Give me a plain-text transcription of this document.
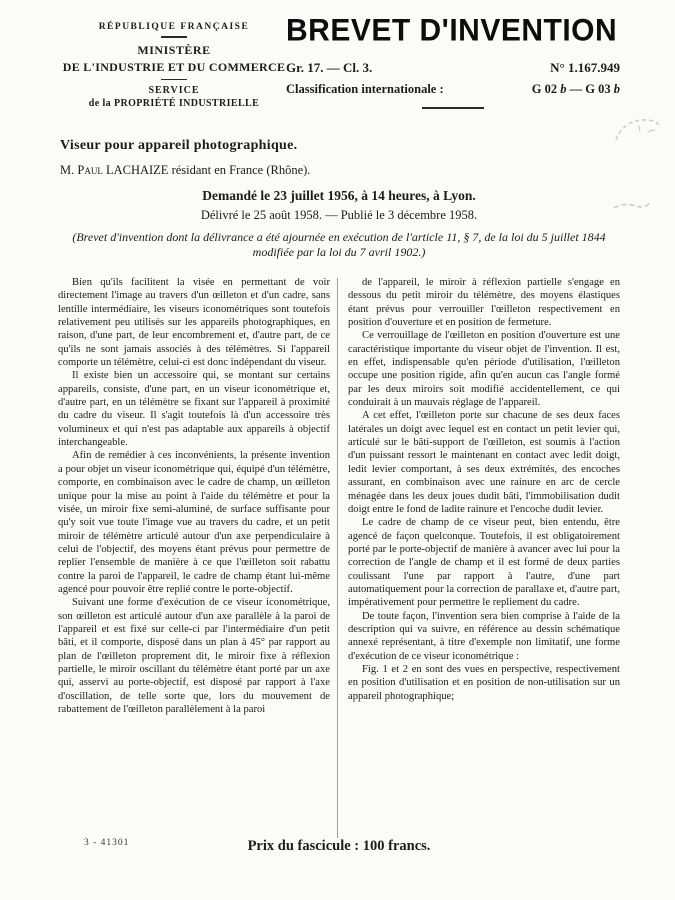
RÉPUBLIQUE FRANÇAISE
MINISTÈRE
DE L'INDUSTRIE ET DU COMMERCE
SERVICE
de la PROPRIÉTÉ INDUSTRIELLE
BREVET D'INVENTION
Gr. 17. — Cl. 3.	N° 1.167.949
Classification internationale :	G 02 b — G 03 b
Viseur pour appareil photographique.
M. Paul LACHAIZE résidant en France (Rhône).
Demandé le 23 juillet 1956, à 14 heures, à Lyon.
Délivré le 25 août 1958. — Publié le 3 décembre 1958.
(Brevet d'invention dont la délivrance a été ajournée en exécution de l'article 11, § 7, de la loi du 5 juillet 1844 modifiée par la loi du 7 avril 1902.)

Bien qu'ils facilitent la visée en permettant de voir directement l'image au travers d'un œilleton et d'un cadre, sans lentille intermédiaire, les viseurs iconométriques sont toutefois relativement peu utilisés sur les appareils photographiques, en raison, d'une part, de leur encombrement et, d'autre part, de ce qu'ils ne sont jamais associés à des télémètres. Si l'appareil comporte un télémètre, celui-ci est donc indépendant du viseur.

Il existe bien un accessoire qui, se montant sur certains appareils, consiste, d'une part, en un viseur iconométrique et, d'autre part, en un télémètre se fixant sur l'appareil à proximité du cadre du viseur. Il s'agit toutefois là d'un accessoire très volumineux et qui n'est pas adaptable aux appareils à objectif interchangeable.

Afin de remédier à ces inconvénients, la présente invention a pour objet un viseur iconométrique qui, équipé d'un télémètre, comporte, en combinaison avec le cadre de champ, un œilleton unique pour la mise au point à l'aide du télémètre et pour la visée, un miroir fixe semi-aluminé, de surface suffisante pour qu'y soit vue toute l'image vue au travers du cadre, et un petit miroir de télémètre articulé autour d'un axe perpendiculaire à celui de l'objectif, des moyens étant prévus pour permettre de replier l'ensemble de manière à ce que l'œilleton soit rabattu contre la paroi de l'appareil, le cadre de champ étant lui-même agencé pour pouvoir être replié contre le porte-objectif.

Suivant une forme d'exécution de ce viseur iconométrique, son œilleton est articulé autour d'un axe parallèle à la paroi de l'appareil et est fixé sur celle-ci par l'intermédiaire d'un petit bâti, et il comporte, disposé dans un plan à 45° par rapport au plan de l'œilleton proprement dit, le miroir fixe à réflexion partielle, le miroir oscillant du télémètre étant porté par un axe qui, asservi au porte-objectif, est disposé par rapport à l'axe d'oscillation, de telle sorte que, lors du mouvement de rabattement de l'œilleton parallèlement à la paroi

de l'appareil, le miroir à réflexion partielle s'engage en dessous du petit miroir du télémètre, des moyens élastiques étant prévus pour verrouiller l'œilleton respectivement en position d'ouverture et en position de fermeture.

Ce verrouillage de l'œilleton en position d'ouverture est une caractéristique importante du viseur objet de l'invention. Il est, en effet, indispensable qu'en période d'utilisation, l'œilleton occupe une position rigide, afin qu'en aucun cas l'angle formé par les deux miroirs soit modifié accidentellement, ce qui conduirait à un mauvais réglage de l'appareil.

A cet effet, l'œilleton porte sur chacune de ses deux faces latérales un doigt avec lequel est en contact un petit levier qui, articulé sur le bâti-support de l'œilleton, est soumis à l'action d'un puissant ressort le maintenant en contact avec ledit doigt, ledit levier comportant, à ses deux extrémités, des encoches assurant, en combinaison avec une rainure en arc de cercle ménagée dans les deux joues dudit bâti, l'immobilisation dudit doigt entre le fond de ladite rainure et l'encoche dudit levier.

Le cadre de champ de ce viseur peut, bien entendu, être agencé de façon quelconque. Toutefois, il est obligatoirement porté par le porte-objectif de manière à avancer avec lui pour la correction de l'angle de champ et il est formé de deux parties coulissant l'une par rapport à l'autre, d'une part automatiquement pour la correction de parallaxe et, d'autre part, impérativement pour permettre le repliement du cadre.

De toute façon, l'invention sera bien comprise à l'aide de la description qui va suivre, en référence au dessin schématique annexé représentant, à titre d'exemple non limitatif, une forme d'exécution de ce viseur iconométrique :

Fig. 1 et 2 en sont des vues en perspective, respectivement en position d'utilisation et en position de non-utilisation sur un appareil photographique;

3 - 41301	Prix du fascicule : 100 francs.
